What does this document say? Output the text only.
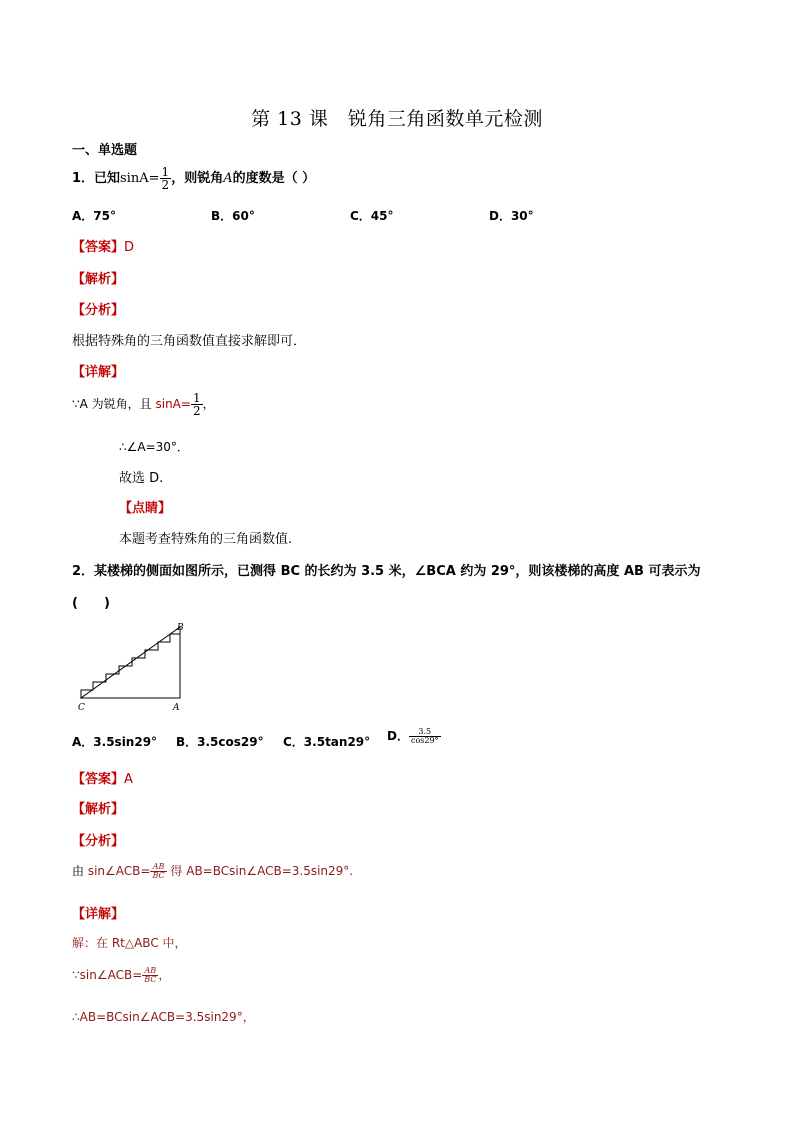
第 13 课　锐角三角函数单元检测
一、单选题
1．已知$\sin A= \frac{1}{2}$ ，则锐角A的度数是（ ）
A．75°	B．60°	C．45°	D．30°
【答案】D
【解析】
【分析】
根据特殊角的三角函数值直接求解即可．
【详解】
∵A 为锐角，且 $\sin A= \frac{1}{2}$ ，
∴∠A=30°．
故选 D.
【点睛】
本题考查特殊角的三角函数值.
2．某楼梯的侧面如图所示，已测得 BC 的长约为 3.5 米，∠BCA 约为 29°，则该楼梯的高度 AB 可表示为
(　　)
B
C	A
A．3.5sin29° B．3.5cos29° C．3.5tan29° D． $\frac{3.5}{\cos 29^\circ}$
【答案】A
【解析】
【分析】
由 sin∠ACB= $\frac{AB}{BC}$ 得 AB=BCsin∠ACB=3.5sin29°.
【详解】
解：在 Rt△ABC 中，
∵sin∠ACB= $\frac{AB}{BC}$ ，
∴AB=BCsin∠ACB=3.5sin29°，
